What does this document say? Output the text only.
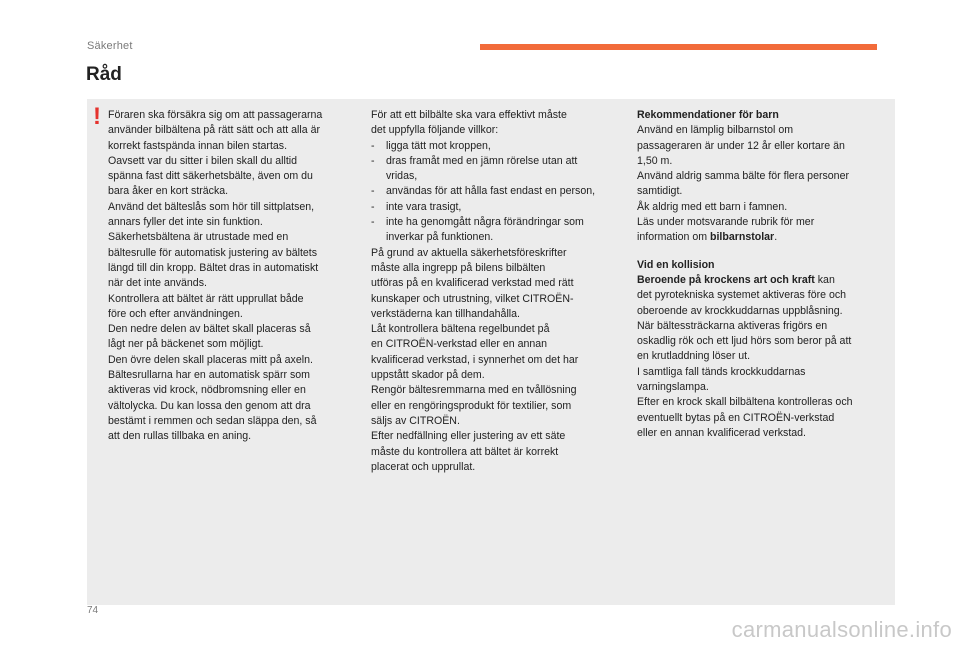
Säkerhet
Råd
! Föraren ska försäkra sig om att passagerarna
använder bilbältena på rätt sätt och att alla är
korrekt fastspända innan bilen startas.
Oavsett var du sitter i bilen skall du alltid
spänna fast ditt säkerhetsbälte, även om du
bara åker en kort sträcka.
Använd det bälteslås som hör till sittplatsen,
annars fyller det inte sin funktion.
Säkerhetsbältena är utrustade med en
bältesrulle för automatisk justering av bältets
längd till din kropp. Bältet dras in automatiskt
när det inte används.
Kontrollera att bältet är rätt upprullat både
före och efter användningen.
Den nedre delen av bältet skall placeras så
lågt ner på bäckenet som möjligt.
Den övre delen skall placeras mitt på axeln.
Bältesrullarna har en automatisk spärr som
aktiveras vid krock, nödbromsning eller en
vältolycka. Du kan lossa den genom att dra
bestämt i remmen och sedan släppa den, så
att den rullas tillbaka en aning.
För att ett bilbälte ska vara effektivt måste
det uppfylla följande villkor:
- ligga tätt mot kroppen,
- dras framåt med en jämn rörelse utan att vridas,
- användas för att hålla fast endast en person,
- inte vara trasigt,
- inte ha genomgått några förändringar som inverkar på funktionen.
På grund av aktuella säkerhetsföreskrifter
måste alla ingrepp på bilens bilbälten
utföras på en kvalificerad verkstad med rätt
kunskaper och utrustning, vilket CITROËN-
verkstäderna kan tillhandahålla.
Låt kontrollera bältena regelbundet på
en CITROËN-verkstad eller en annan
kvalificerad verkstad, i synnerhet om det har
uppstått skador på dem.
Rengör bältesremmarna med en tvållösning
eller en rengöringsprodukt för textilier, som
säljs av CITROËN.
Efter nedfällning eller justering av ett säte
måste du kontrollera att bältet är korrekt
placerat och upprullat.
Rekommendationer för barn
Använd en lämplig bilbarnstol om
passageraren är under 12 år eller kortare än
1,50 m.
Använd aldrig samma bälte för flera personer
samtidigt.
Åk aldrig med ett barn i famnen.
Läs under motsvarande rubrik för mer
information om bilbarnstolar.
Vid en kollision
Beroende på krockens art och kraft kan
det pyrotekniska systemet aktiveras före och
oberoende av krockkuddarnas uppblåsning.
När bältessträckarna aktiveras frigörs en
oskadlig rök och ett ljud hörs som beror på att
en krutladdning löser ut.
I samtliga fall tänds krockkuddarnas
varningslampa.
Efter en krock skall bilbältena kontrolleras och
eventuellt bytas på en CITROËN-verkstad
eller en annan kvalificerad verkstad.
74
carmanualsonline.info
